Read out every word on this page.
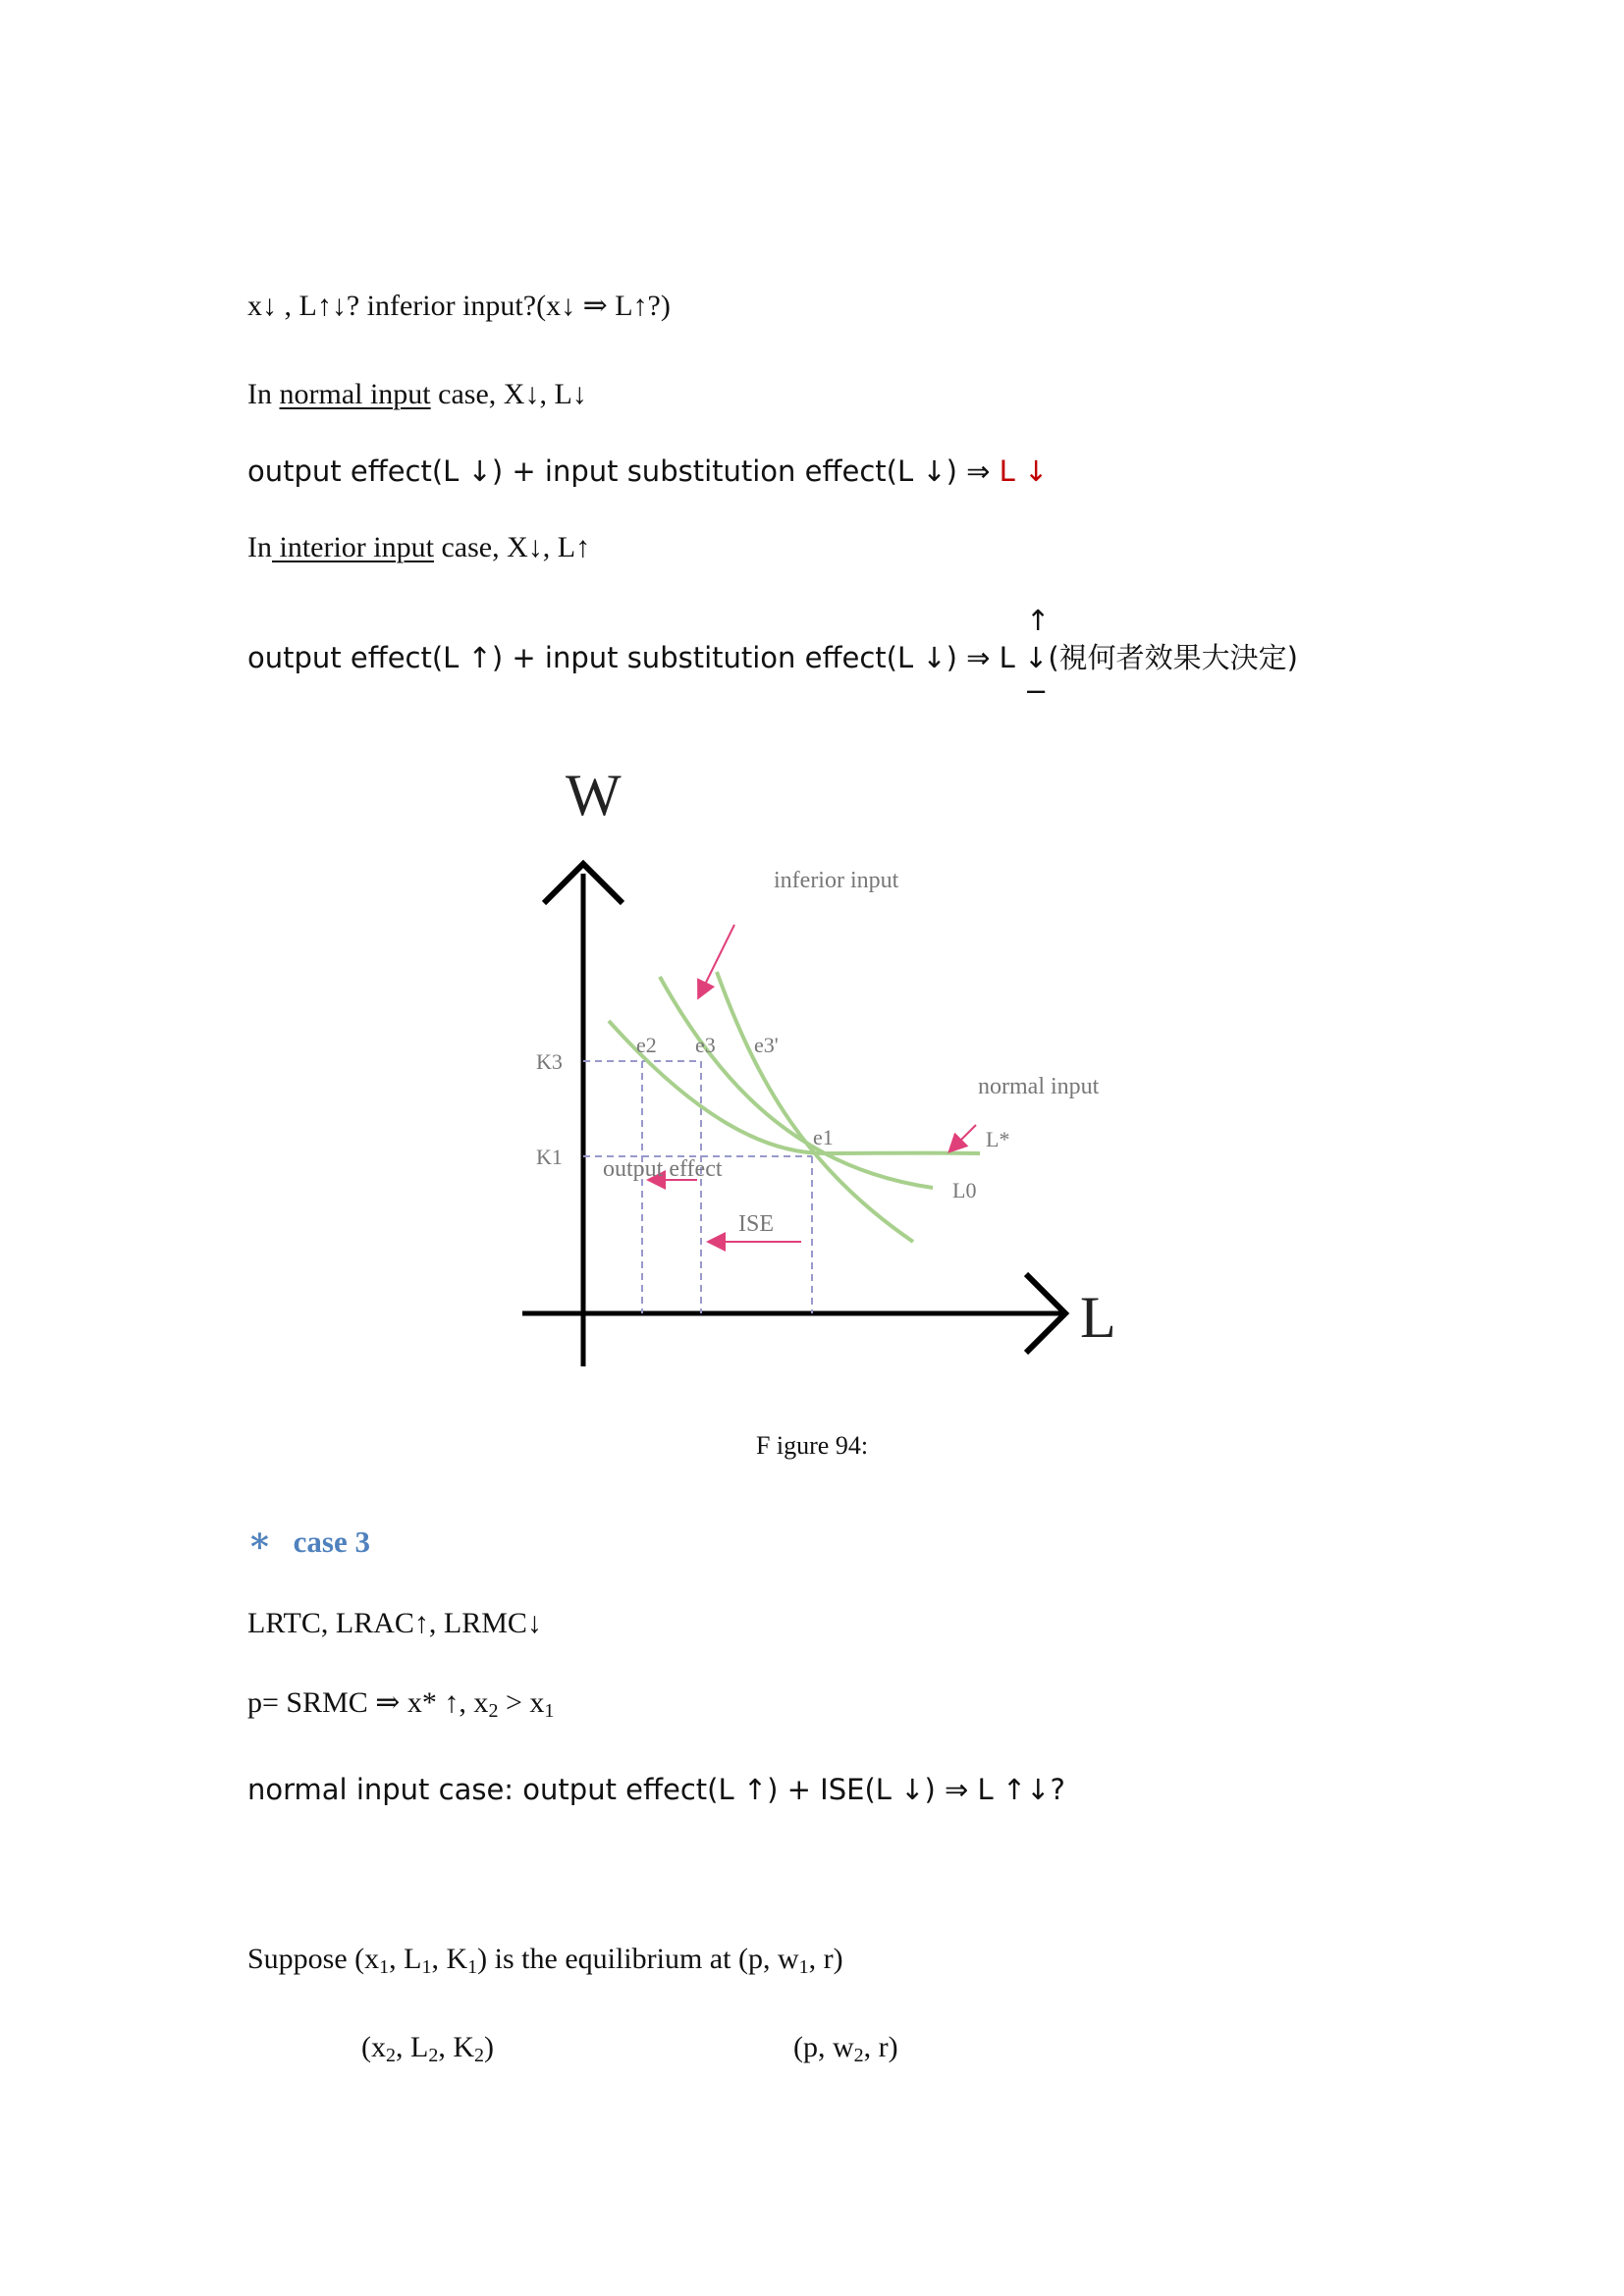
x↓ , L↑↓? inferior input?(x↓ ⇒ L↑?)
In normal input case, X↓, L↓
output effect(L ↓) + input substitution effect(L ↓) ⇒ L ↓
In interior input case, X↓, L↑
output effect(L ↑) + input substitution effect(L ↓) ⇒ L ↓
↑
−
(視何者效果大決定)
W
L
inferior input
normal input
K3
K1
e2 e3 e3'
e1	L*
L0
output effect
ISE
F igure 94:
∗ case 3
LRTC, LRAC↑, LRMC↓
p= SRMC ⇒ x* ↑, $x_2 > x_1$
normal input case: output effect(L ↑) + ISE(L ↓) ⇒ L ↑↓?
Suppose ($x_1$, $L_1$, $K_1$) is the equilibrium at (p, $w_1$, r)
($x_2$, $L_2$, $K_2$)	(p, $w_2$, r)
